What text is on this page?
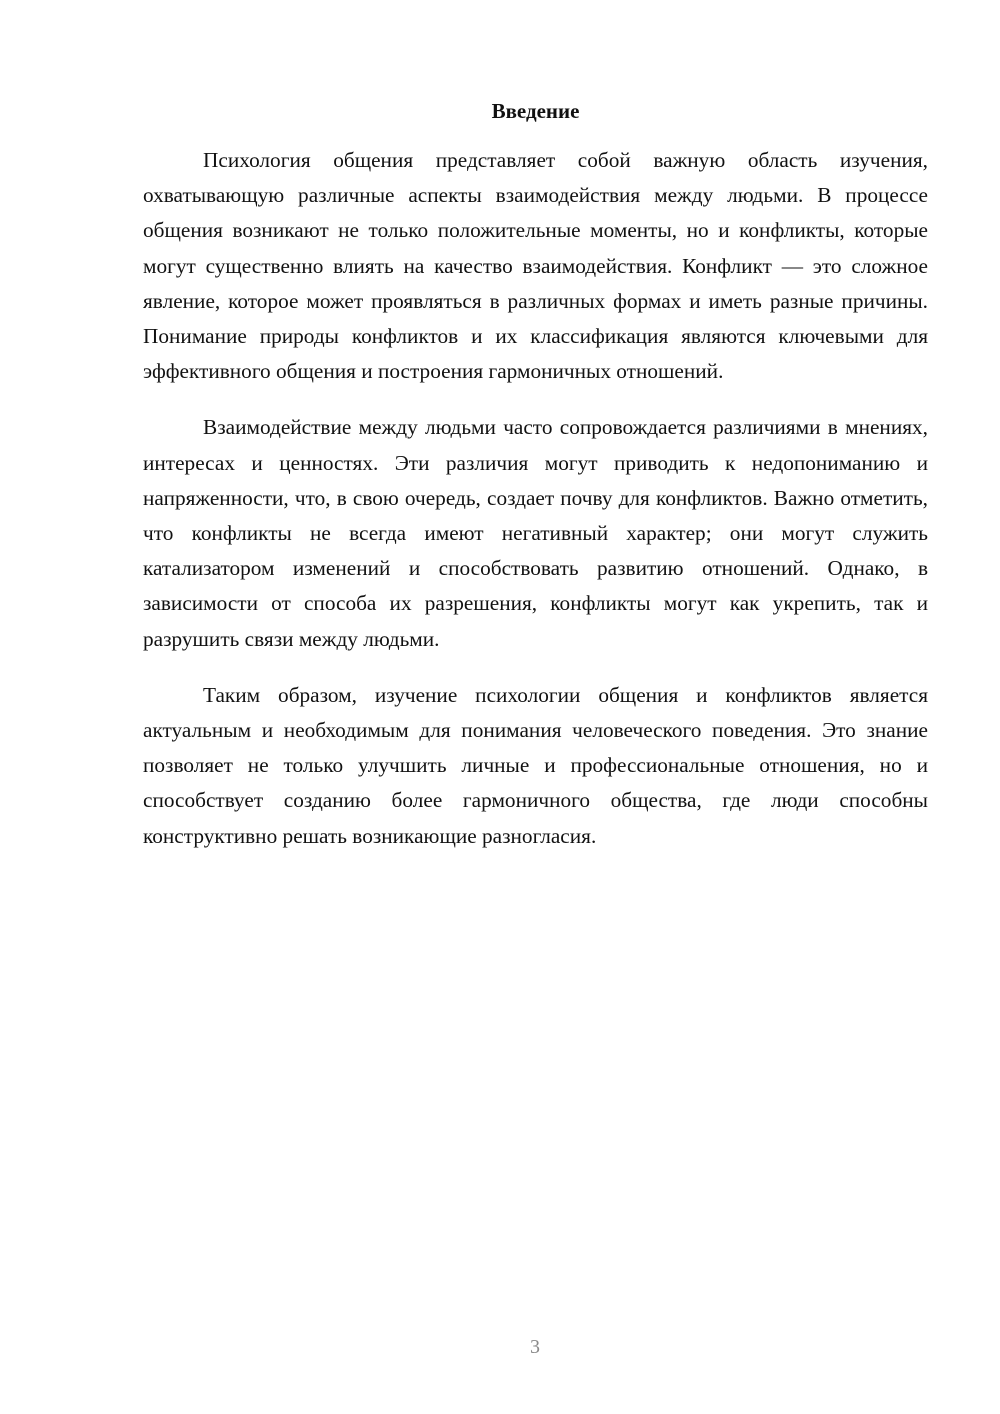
Введение

Психология общения представляет собой важную область изучения, охватывающую различные аспекты взаимодействия между людьми. В процессе общения возникают не только положительные моменты, но и конфликты, которые могут существенно влиять на качество взаимодействия. Конфликт — это сложное явление, которое может проявляться в различных формах и иметь разные причины. Понимание природы конфликтов и их классификация являются ключевыми для эффективного общения и построения гармоничных отношений.

Взаимодействие между людьми часто сопровождается различиями в мнениях, интересах и ценностях. Эти различия могут приводить к недопониманию и напряженности, что, в свою очередь, создает почву для конфликтов. Важно отметить, что конфликты не всегда имеют негативный характер; они могут служить катализатором изменений и способствовать развитию отношений. Однако, в зависимости от способа их разрешения, конфликты могут как укрепить, так и разрушить связи между людьми.

Таким образом, изучение психологии общения и конфликтов является актуальным и необходимым для понимания человеческого поведения. Это знание позволяет не только улучшить личные и профессиональные отношения, но и способствует созданию более гармоничного общества, где люди способны конструктивно решать возникающие разногласия.

3
